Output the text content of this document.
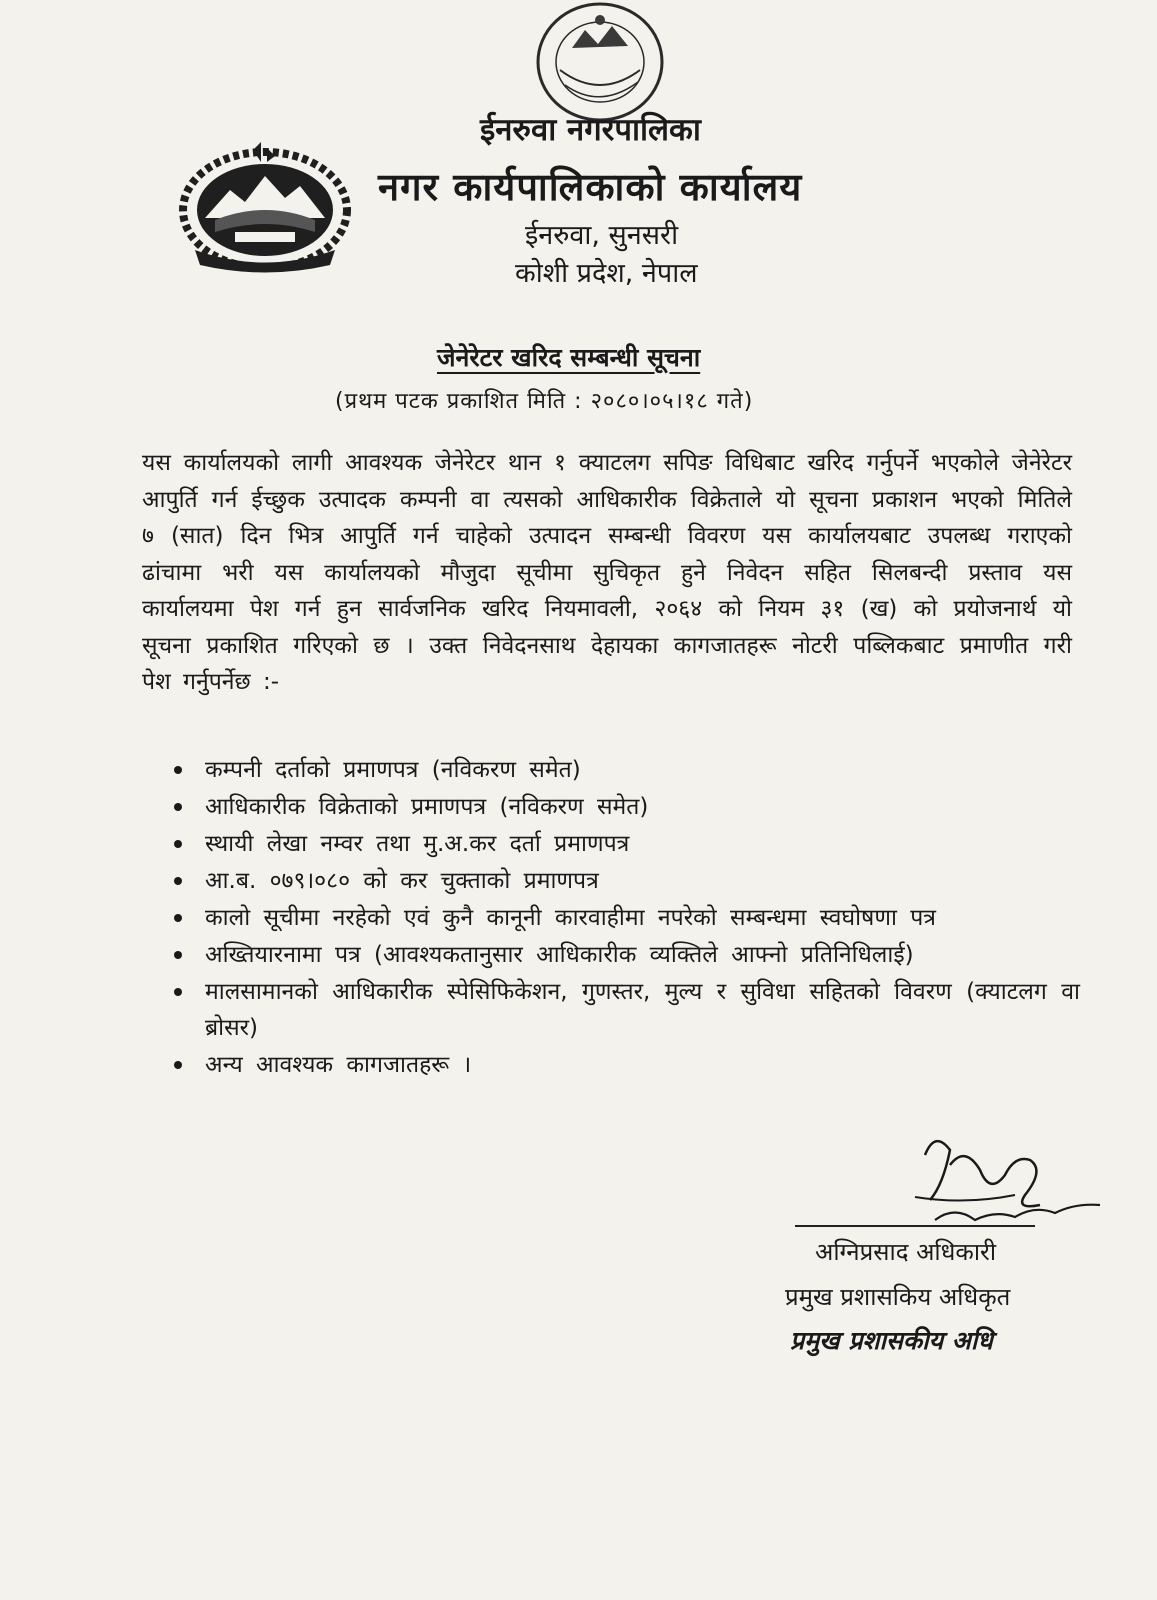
ईनरुवा नगरपालिका
नगर कार्यपालिकाको कार्यालय
ईनरुवा, सुनसरी
कोशी प्रदेश, नेपाल
जेनेरेटर खरिद सम्बन्धी सूचना
(प्रथम पटक प्रकाशित मिति : २०८०।०५।१८ गते)
यस कार्यालयको लागी आवश्यक जेनेरेटर थान १ क्याटलग सपिङ विधिबाट खरिद गर्नुपर्ने भएकोले जेनेरेटर आपुर्ति गर्न ईच्छुक उत्पादक कम्पनी वा त्यसको आधिकारीक विक्रेताले यो सूचना प्रकाशन भएको मितिले ७ (सात) दिन भित्र आपुर्ति गर्न चाहेको उत्पादन सम्बन्धी विवरण यस कार्यालयबाट उपलब्ध गराएको ढांचामा भरी यस कार्यालयको मौजुदा सूचीमा सुचिकृत हुने निवेदन सहित सिलबन्दी प्रस्ताव यस कार्यालयमा पेश गर्न हुन सार्वजनिक खरिद नियमावली, २०६४ को नियम ३१ (ख) को प्रयोजनार्थ यो सूचना प्रकाशित गरिएको छ । उक्त निवेदनसाथ देहायका कागजातहरू नोटरी पब्लिकबाट प्रमाणीत गरी पेश गर्नुपर्नेछ :-
कम्पनी दर्ताको प्रमाणपत्र (नविकरण समेत)
आधिकारीक विक्रेताको प्रमाणपत्र (नविकरण समेत)
स्थायी लेखा नम्वर तथा मु.अ.कर दर्ता प्रमाणपत्र
आ.ब. ०७९।०८० को कर चुक्ताको प्रमाणपत्र
कालो सूचीमा नरहेको एवं कुनै कानूनी कारवाहीमा नपरेको सम्बन्धमा स्वघोषणा पत्र
अख्तियारनामा पत्र (आवश्यकतानुसार आधिकारीक व्यक्तिले आफ्नो प्रतिनिधिलाई)
मालसामानको आधिकारीक स्पेसिफिकेशन, गुणस्तर, मुल्य र सुविधा सहितको विवरण (क्याटलग वा ब्रोसर)
अन्य आवश्यक कागजातहरू ।
अग्निप्रसाद अधिकारी
प्रमुख प्रशासकिय अधिकृत
प्रमुख प्रशासकीय अधि
